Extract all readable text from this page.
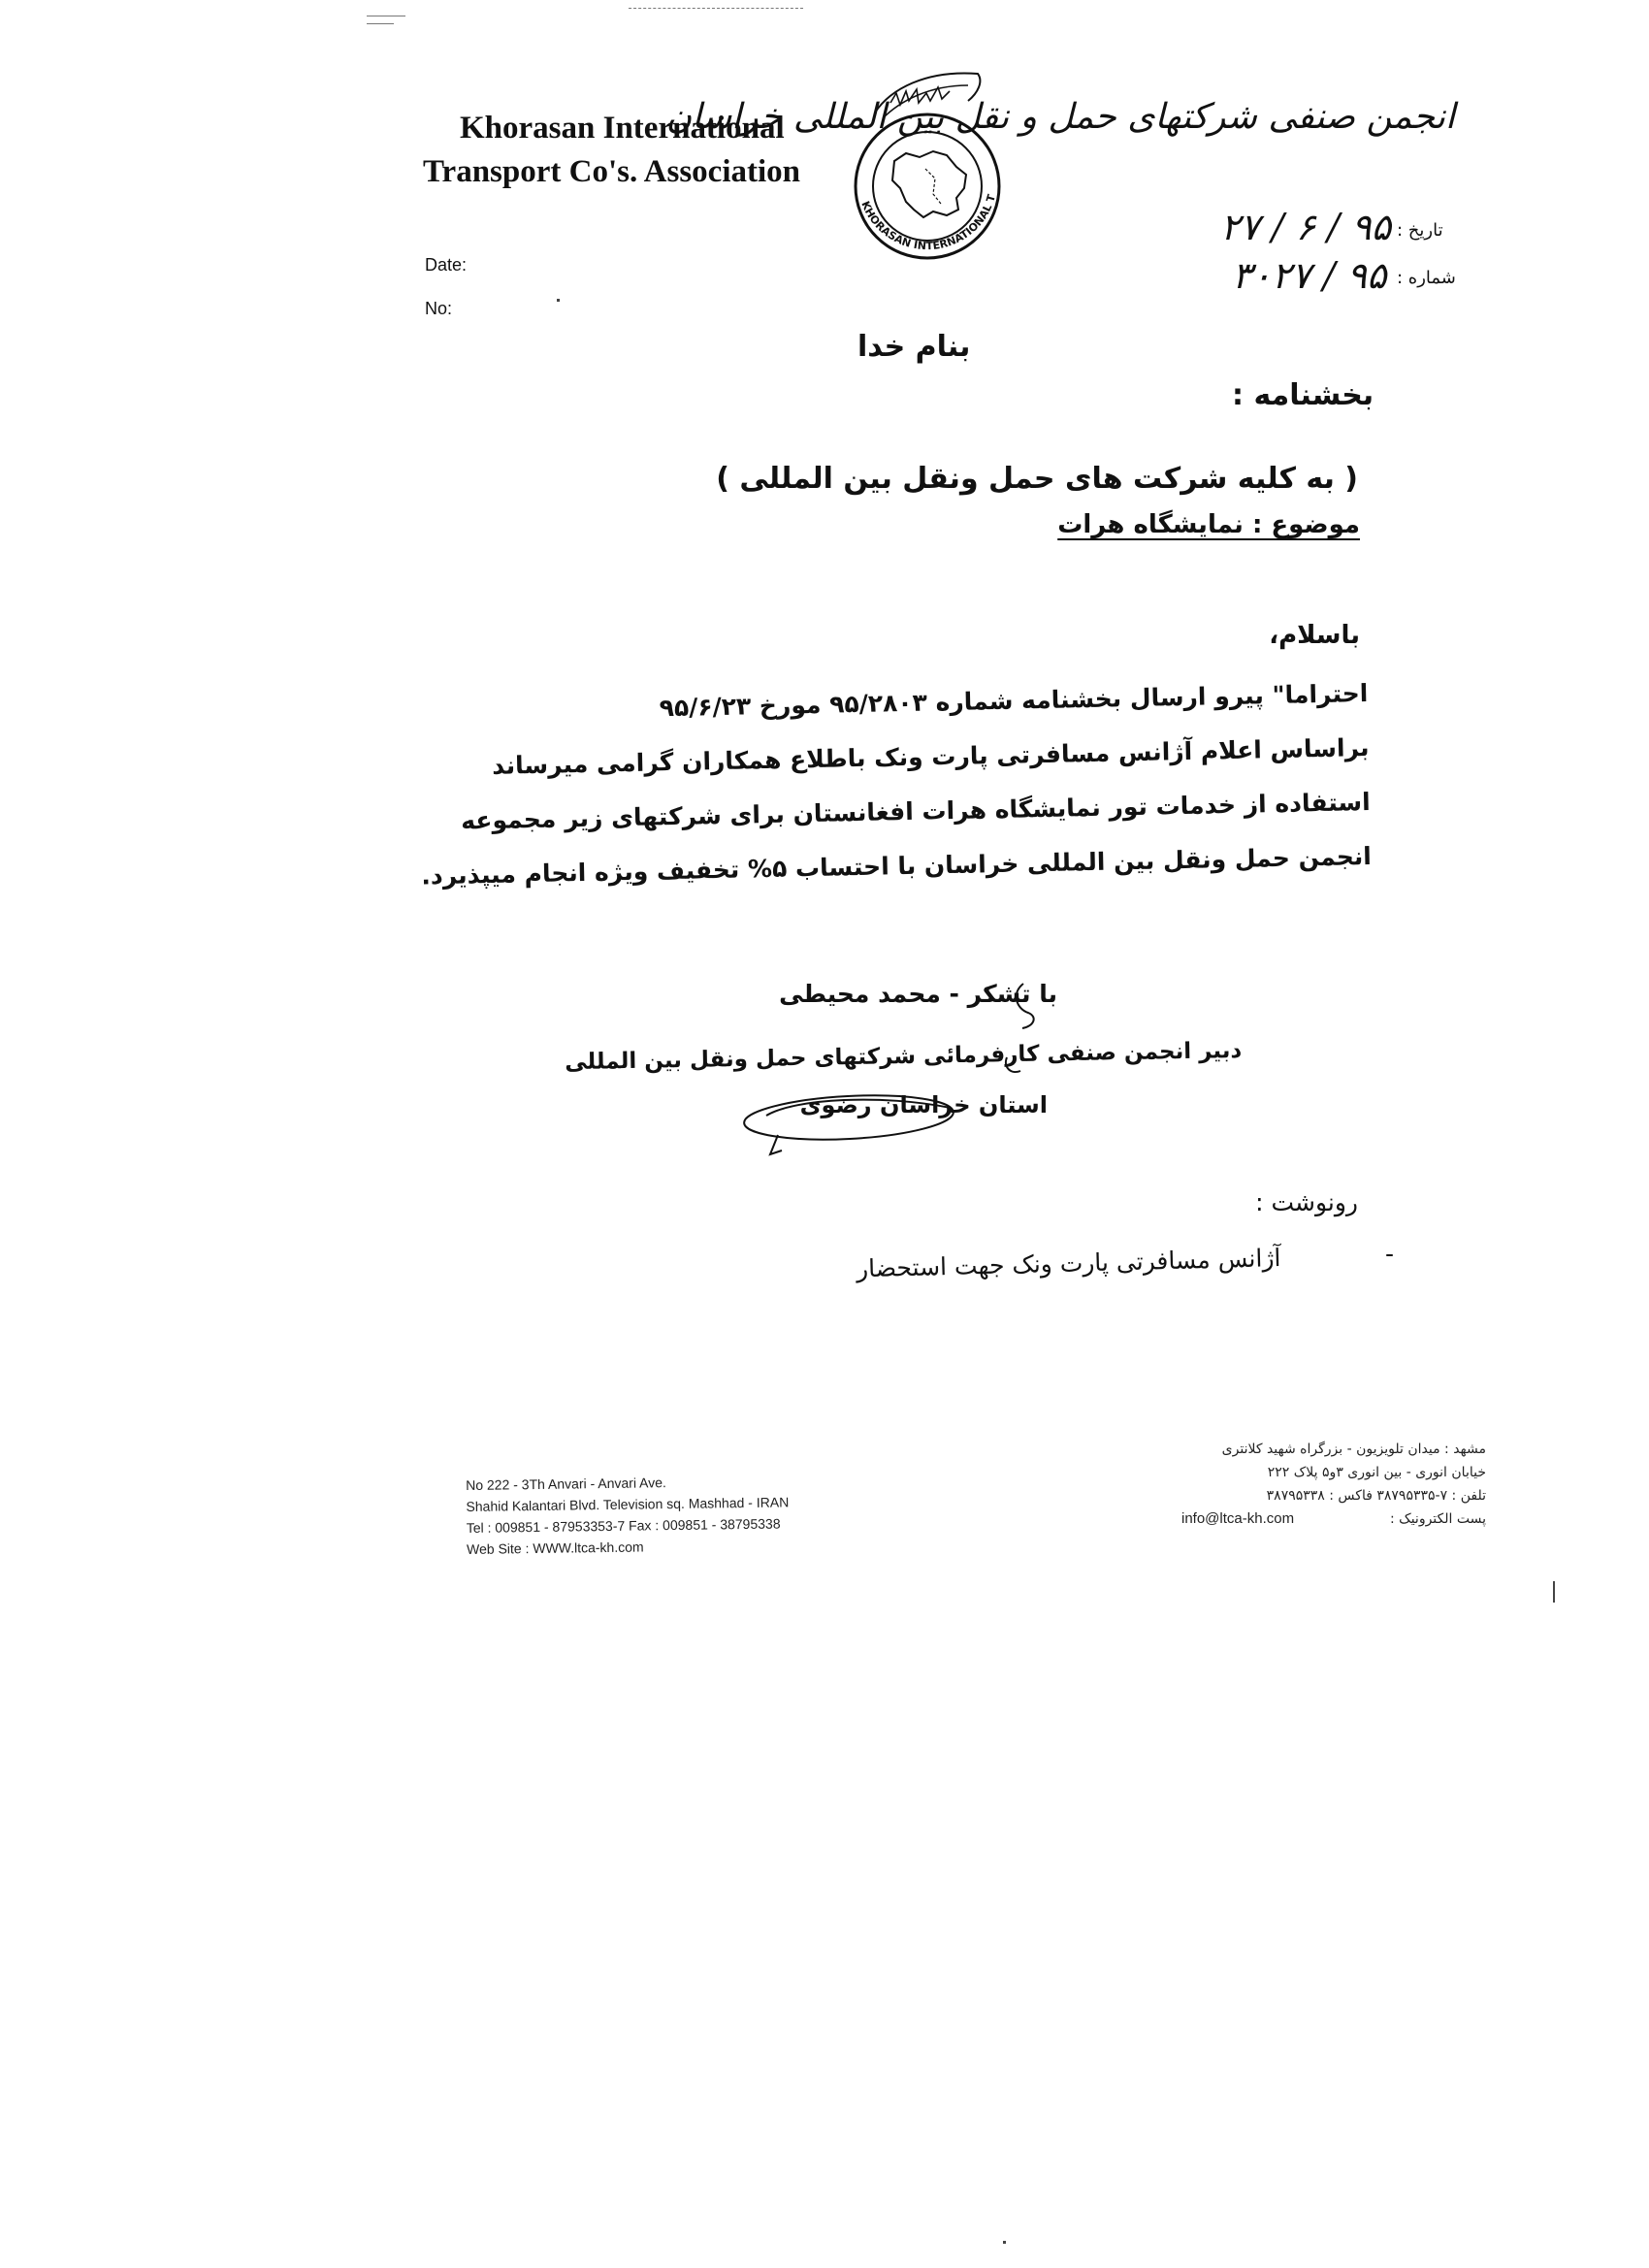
Khorasan International
Transport Co's. Association
KHORASAN INTERNATIONAL T
انجمن صنفی شرکتهای حمل و نقل بین المللی خراسان
Date:
No:
تاریخ :
شماره :
۹۵ / ۶ / ۲۷
۹۵ / ۳۰۲۷
بنام خدا
بخشنامه :
( به کلیه شرکت های حمل ونقل بین المللی )
موضوع : نمایشگاه هرات
باسلام،
احتراما" پیرو ارسال بخشنامه شماره ۹۵/۲۸۰۳ مورخ ۹۵/۶/۲۳
براساس اعلام آژانس مسافرتی پارت ونک باطلاع همکاران گرامی میرساند
استفاده از خدمات تور نمایشگاه هرات افغانستان برای شرکتهای زیر مجموعه
انجمن حمل ونقل بین المللی خراسان با احتساب ۵% تخفیف ویژه انجام میپذیرد.
با تشکر - محمد محیطی
دبیر انجمن صنفی کارفرمائی شرکتهای حمل ونقل بین المللی
استان خراسان رضوی
رونوشت :
-
آژانس مسافرتی پارت ونک جهت استحضار
No 222 - 3Th Anvari - Anvari Ave.
Shahid Kalantari Blvd. Television sq. Mashhad - IRAN
Tel : 009851 - 87953353-7 Fax : 009851 - 38795338
Web Site : WWW.ltca-kh.com
مشهد : میدان تلویزیون - بزرگراه شهید کلانتری
خیابان انوری - بین انوری ۳و۵ پلاک ۲۲۲
تلفن : ۷-۳۸۷۹۵۳۳۵ فاکس : ۳۸۷۹۵۳۳۸
پست الکترونیک :
info@ltca-kh.com
